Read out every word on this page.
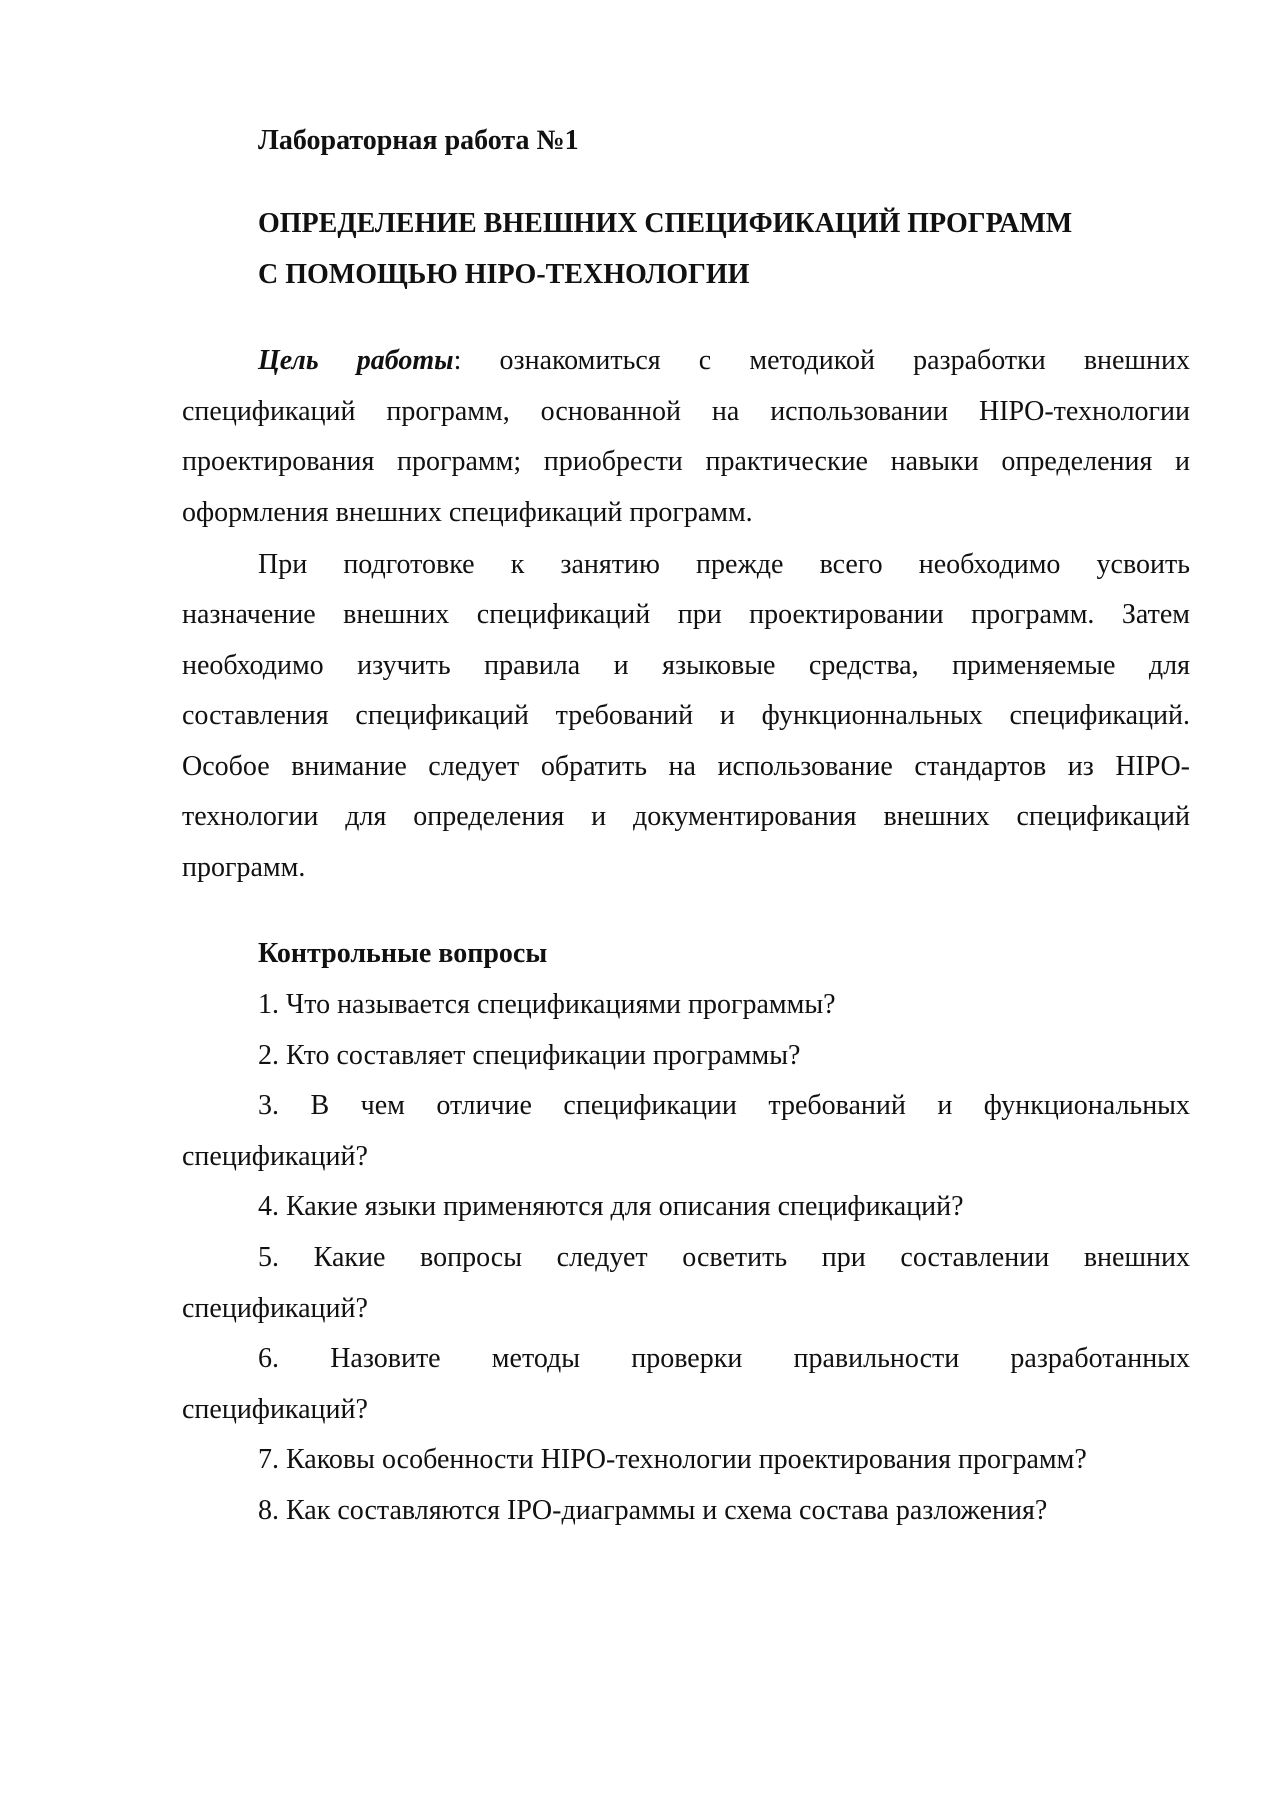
Лабораторная работа №1
ОПРЕДЕЛЕНИЕ ВНЕШНИХ СПЕЦИФИКАЦИЙ ПРОГРАММ
С ПОМОЩЬЮ HIPO-ТЕХНОЛОГИИ
Цель работы: ознакомиться с методикой разработки внешних
спецификаций программ, основанной на использовании HIPO-технологии
проектирования программ; приобрести практические навыки определения и
оформления внешних спецификаций программ.
При подготовке к занятию прежде всего необходимо усвоить
назначение внешних спецификаций при проектировании программ. Затем
необходимо изучить правила и языковые средства, применяемые для
составления спецификаций требований и функционнальных спецификаций.
Особое внимание следует обратить на использование стандартов из HIPO-
технологии для определения и документирования внешних спецификаций
программ.
Контрольные вопросы
1. Что называется спецификациями программы?
2. Кто составляет спецификации программы?
3. В чем отличие спецификации требований и функциональных
спецификаций?
4. Какие языки применяются для описания спецификаций?
5. Какие вопросы следует осветить при составлении внешних
спецификаций?
6. Назовите методы проверки правильности разработанных
спецификаций?
7. Каковы особенности HIPO-технологии проектирования программ?
8. Как составляются IPO-диаграммы и схема состава разложения?
